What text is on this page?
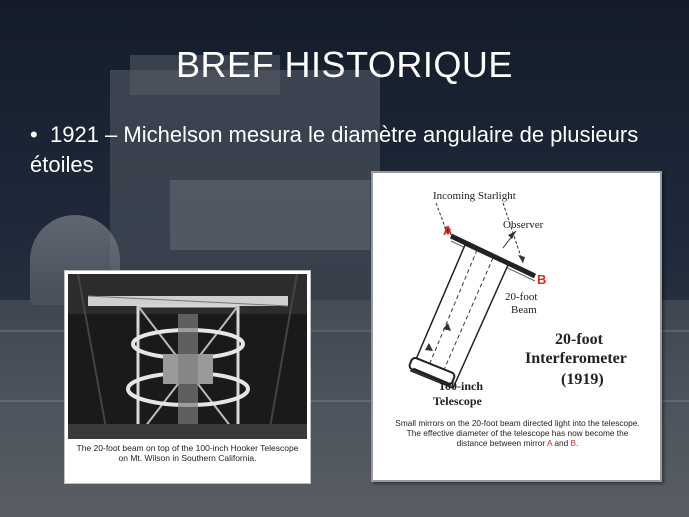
BREF HISTORIQUE
• 1921 – Michelson mesura le diamètre angulaire de plusieurs étoiles
The 20-foot beam on top of the 100-inch Hooker Telescope on Mt. Wilson in Southern California.
Incoming Starlight
Observer
A
B
20-foot
Beam
20-foot
Interferometer
(1919)
100-inch
Telescope
Small mirrors on the 20-foot beam directed light into the telescope. The effective diameter of the telescope has now become the distance between mirror A and B.
